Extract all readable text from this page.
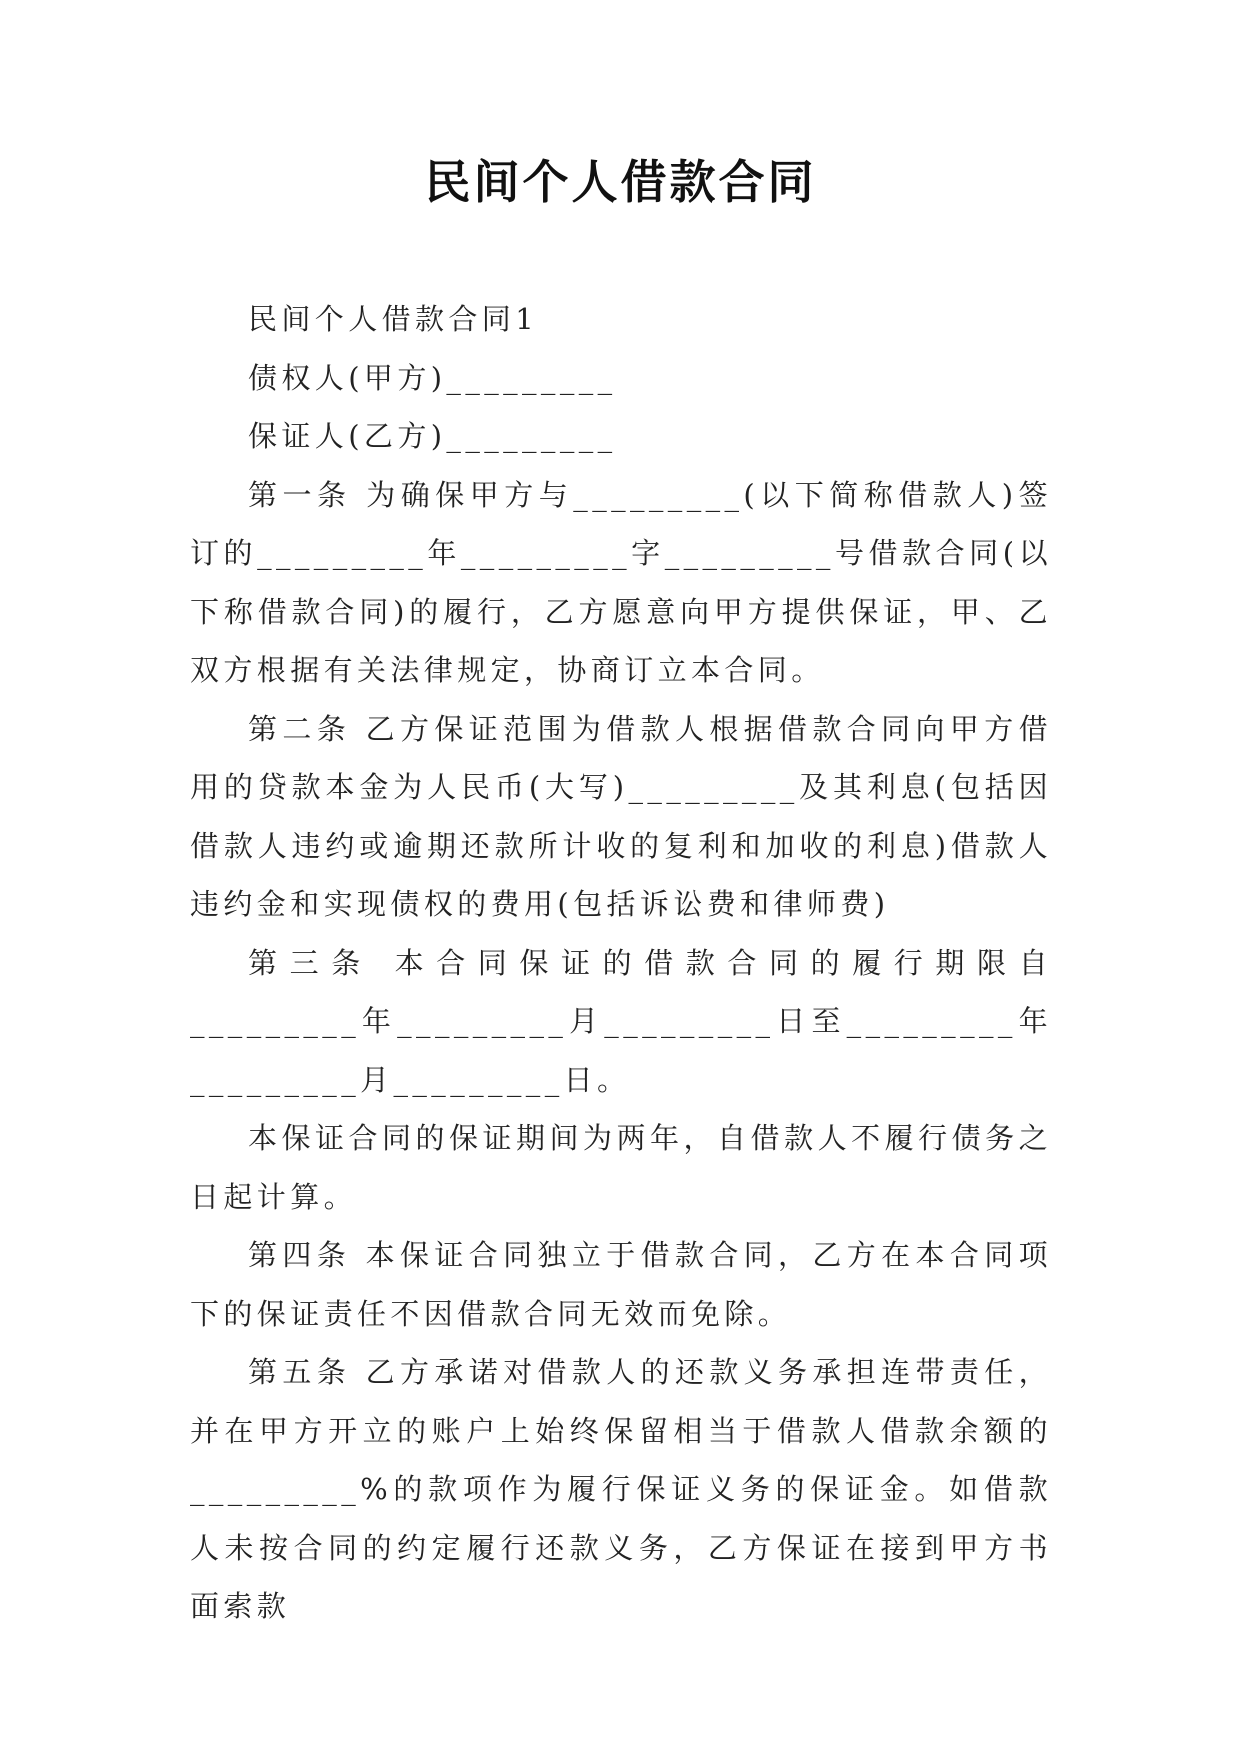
民间个人借款合同

民间个人借款合同1

债权人(甲方)_________

保证人(乙方)_________

第一条 为确保甲方与_________(以下简称借款人)签订的_________年_________字_________号借款合同(以下称借款合同)的履行，乙方愿意向甲方提供保证，甲、乙双方根据有关法律规定，协商订立本合同。

第二条 乙方保证范围为借款人根据借款合同向甲方借用的贷款本金为人民币(大写)_________及其利息(包括因借款人违约或逾期还款所计收的复利和加收的利息)借款人违约金和实现债权的费用(包括诉讼费和律师费)

第三条 本合同保证的借款合同的履行期限自_________年_________月_________日至_________年_________月_________日。

本保证合同的保证期间为两年，自借款人不履行债务之日起计算。

第四条 本保证合同独立于借款合同，乙方在本合同项下的保证责任不因借款合同无效而免除。

第五条 乙方承诺对借款人的还款义务承担连带责任，并在甲方开立的账户上始终保留相当于借款人借款余额的_________%的款项作为履行保证义务的保证金。如借款人未按合同的约定履行还款义务，乙方保证在接到甲方书面索款
